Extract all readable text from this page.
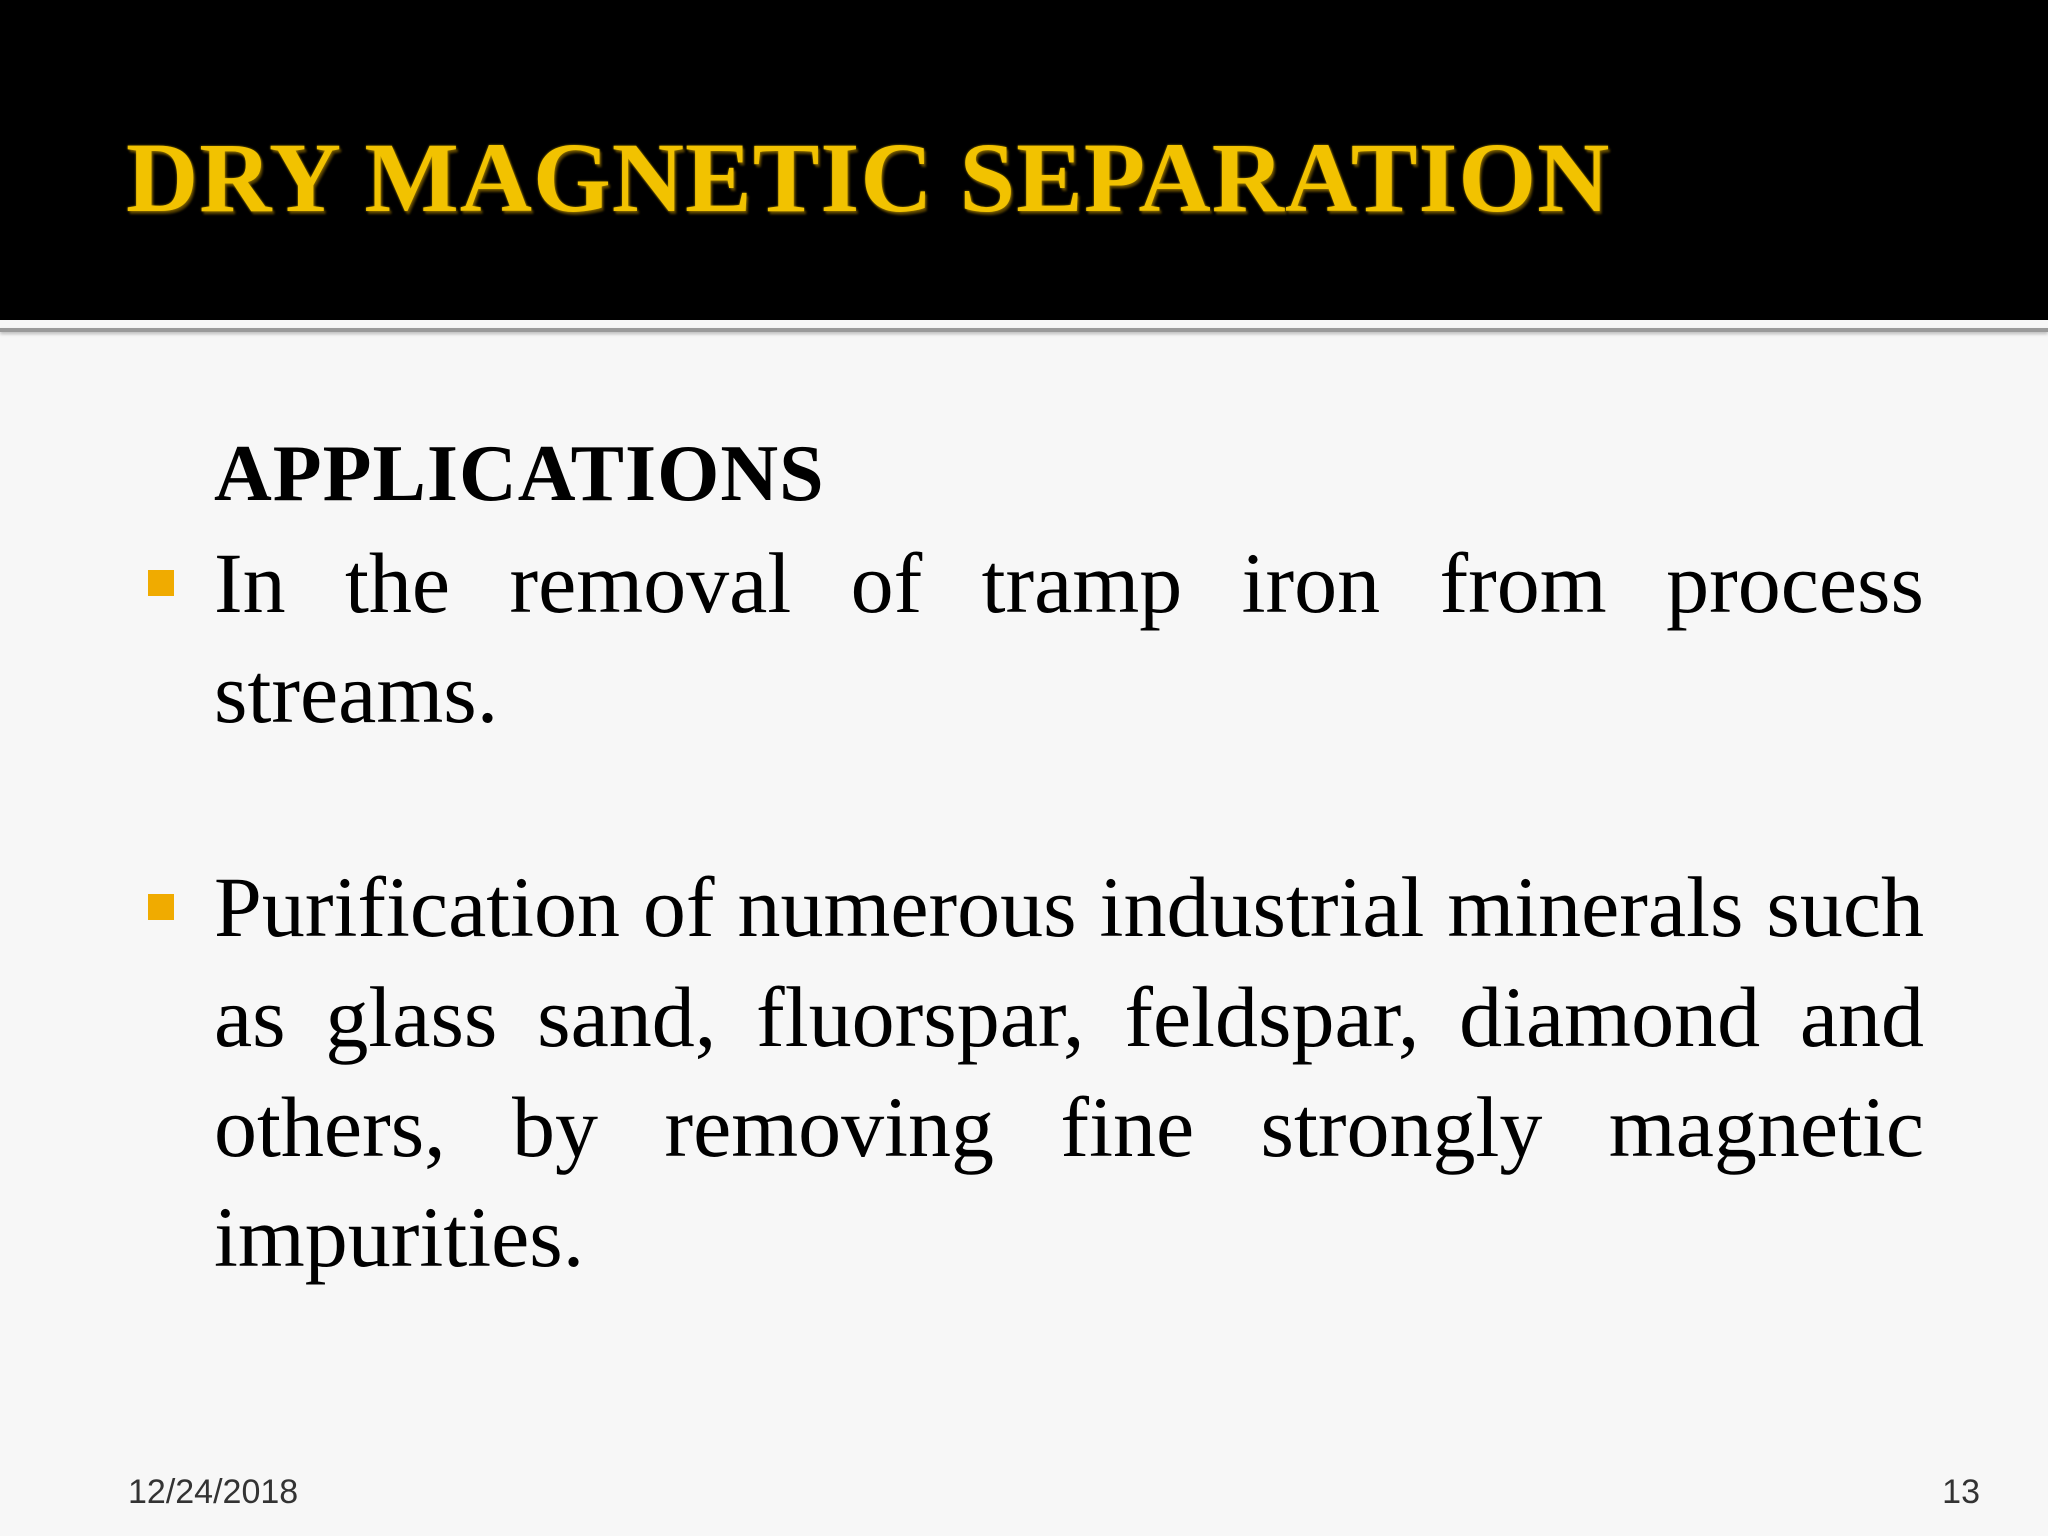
DRY MAGNETIC SEPARATION

APPLICATIONS

In the removal of tramp iron from process streams.

Purification of numerous industrial minerals such as glass sand, fluorspar, feldspar, diamond and others, by removing fine strongly magnetic impurities.

12/24/2018	13
